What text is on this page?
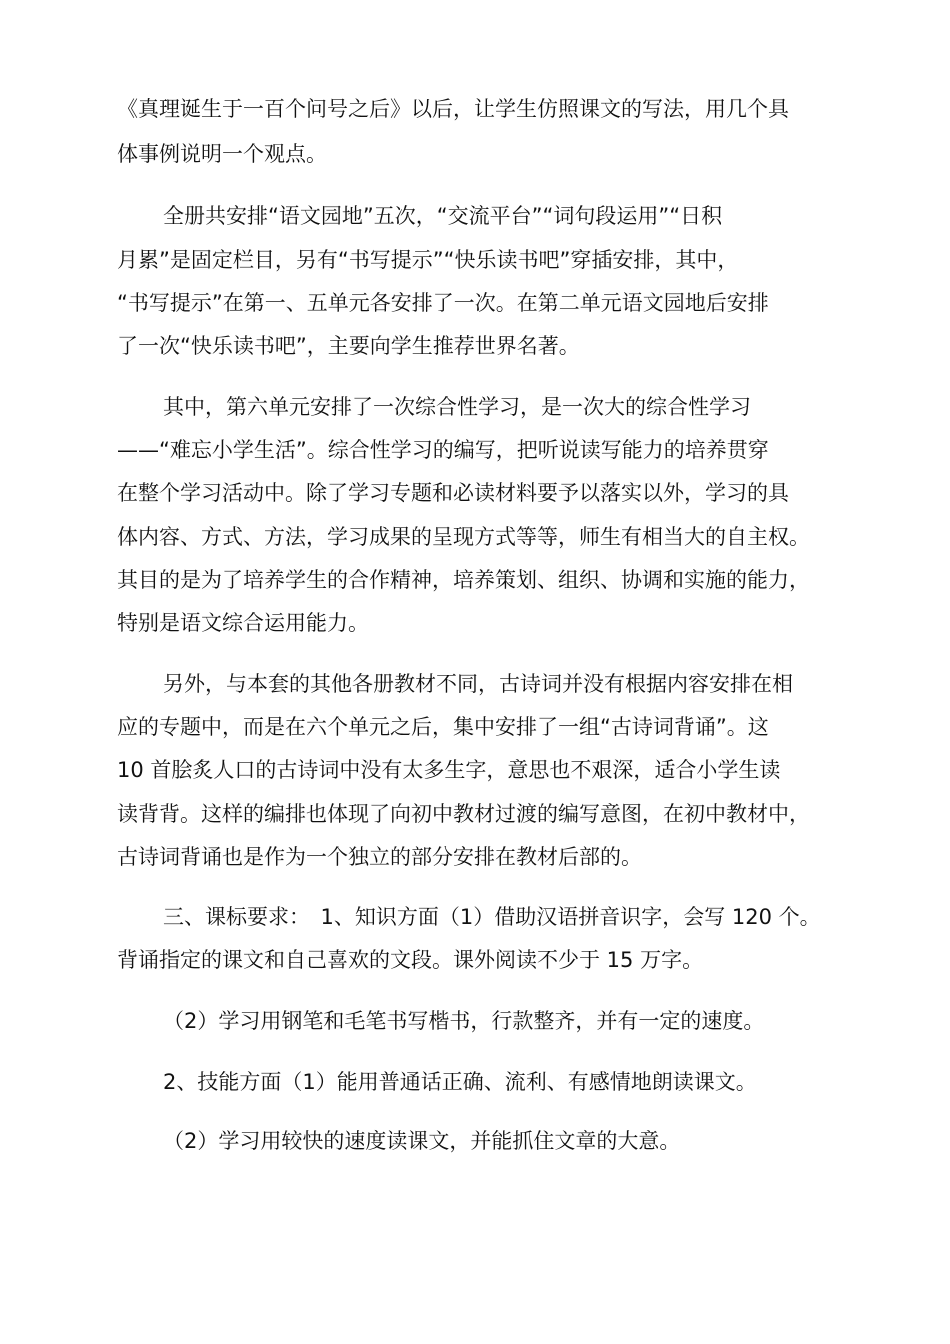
《真理诞生于一百个问号之后》以后，让学生仿照课文的写法，用几个具
体事例说明一个观点。
全册共安排“语文园地”五次，“交流平台”“词句段运用”“日积
月累”是固定栏目，另有“书写提示”“快乐读书吧”穿插安排，其中，
“书写提示”在第一、五单元各安排了一次。在第二单元语文园地后安排
了一次“快乐读书吧”，主要向学生推荐世界名著。
其中，第六单元安排了一次综合性学习，是一次大的综合性学习
——“难忘小学生活”。综合性学习的编写，把听说读写能力的培养贯穿
在整个学习活动中。除了学习专题和必读材料要予以落实以外，学习的具
体内容、方式、方法，学习成果的呈现方式等等，师生有相当大的自主权。
其目的是为了培养学生的合作精神，培养策划、组织、协调和实施的能力，
特别是语文综合运用能力。
另外，与本套的其他各册教材不同，古诗词并没有根据内容安排在相
应的专题中，而是在六个单元之后，集中安排了一组“古诗词背诵”。这
10 首脍炙人口的古诗词中没有太多生字，意思也不艰深，适合小学生读
读背背。这样的编排也体现了向初中教材过渡的编写意图，在初中教材中，
古诗词背诵也是作为一个独立的部分安排在教材后部的。
三、课标要求：　1、知识方面（1）借助汉语拼音识字，会写 120 个。
背诵指定的课文和自己喜欢的文段。课外阅读不少于 15 万字。
（2）学习用钢笔和毛笔书写楷书，行款整齐，并有一定的速度。
2、技能方面（1）能用普通话正确、流利、有感情地朗读课文。
（2）学习用较快的速度读课文，并能抓住文章的大意。
